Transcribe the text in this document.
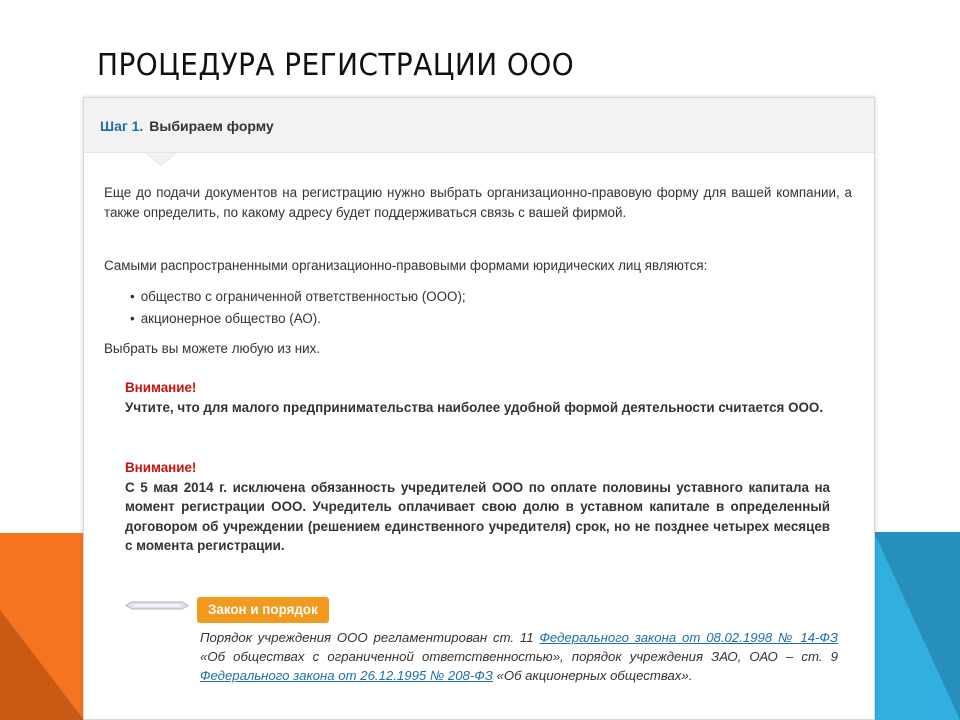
ПРОЦЕДУРА РЕГИСТРАЦИИ ООО
Шаг 1. Выбираем форму

Еще до подачи документов на регистрацию нужно выбрать организационно-правовую форму для вашей компании, а также определить, по какому адресу будет поддерживаться связь с вашей фирмой.

Самыми распространенными организационно-правовыми формами юридических лиц являются:

• общество с ограниченной ответственностью (ООО);
• акционерное общество (АО).

Выбрать вы можете любую из них.

Внимание!
Учтите, что для малого предпринимательства наиболее удобной формой деятельности считается ООО.
Внимание!
С 5 мая 2014 г. исключена обязанность учредителей ООО по оплате половины уставного капитала на момент регистрации ООО. Учредитель оплачивает свою долю в уставном капитале в определенный договором об учреждении (решением единственного учредителя) срок, но не позднее четырех месяцев с момента регистрации.
Закон и порядок

Порядок учреждения ООО регламентирован ст. 11 Федерального закона от 08.02.1998 № 14-ФЗ «Об обществах с ограниченной ответственностью», порядок учреждения ЗАО, ОАО – ст. 9 Федерального закона от 26.12.1995 № 208-ФЗ «Об акционерных обществах».
